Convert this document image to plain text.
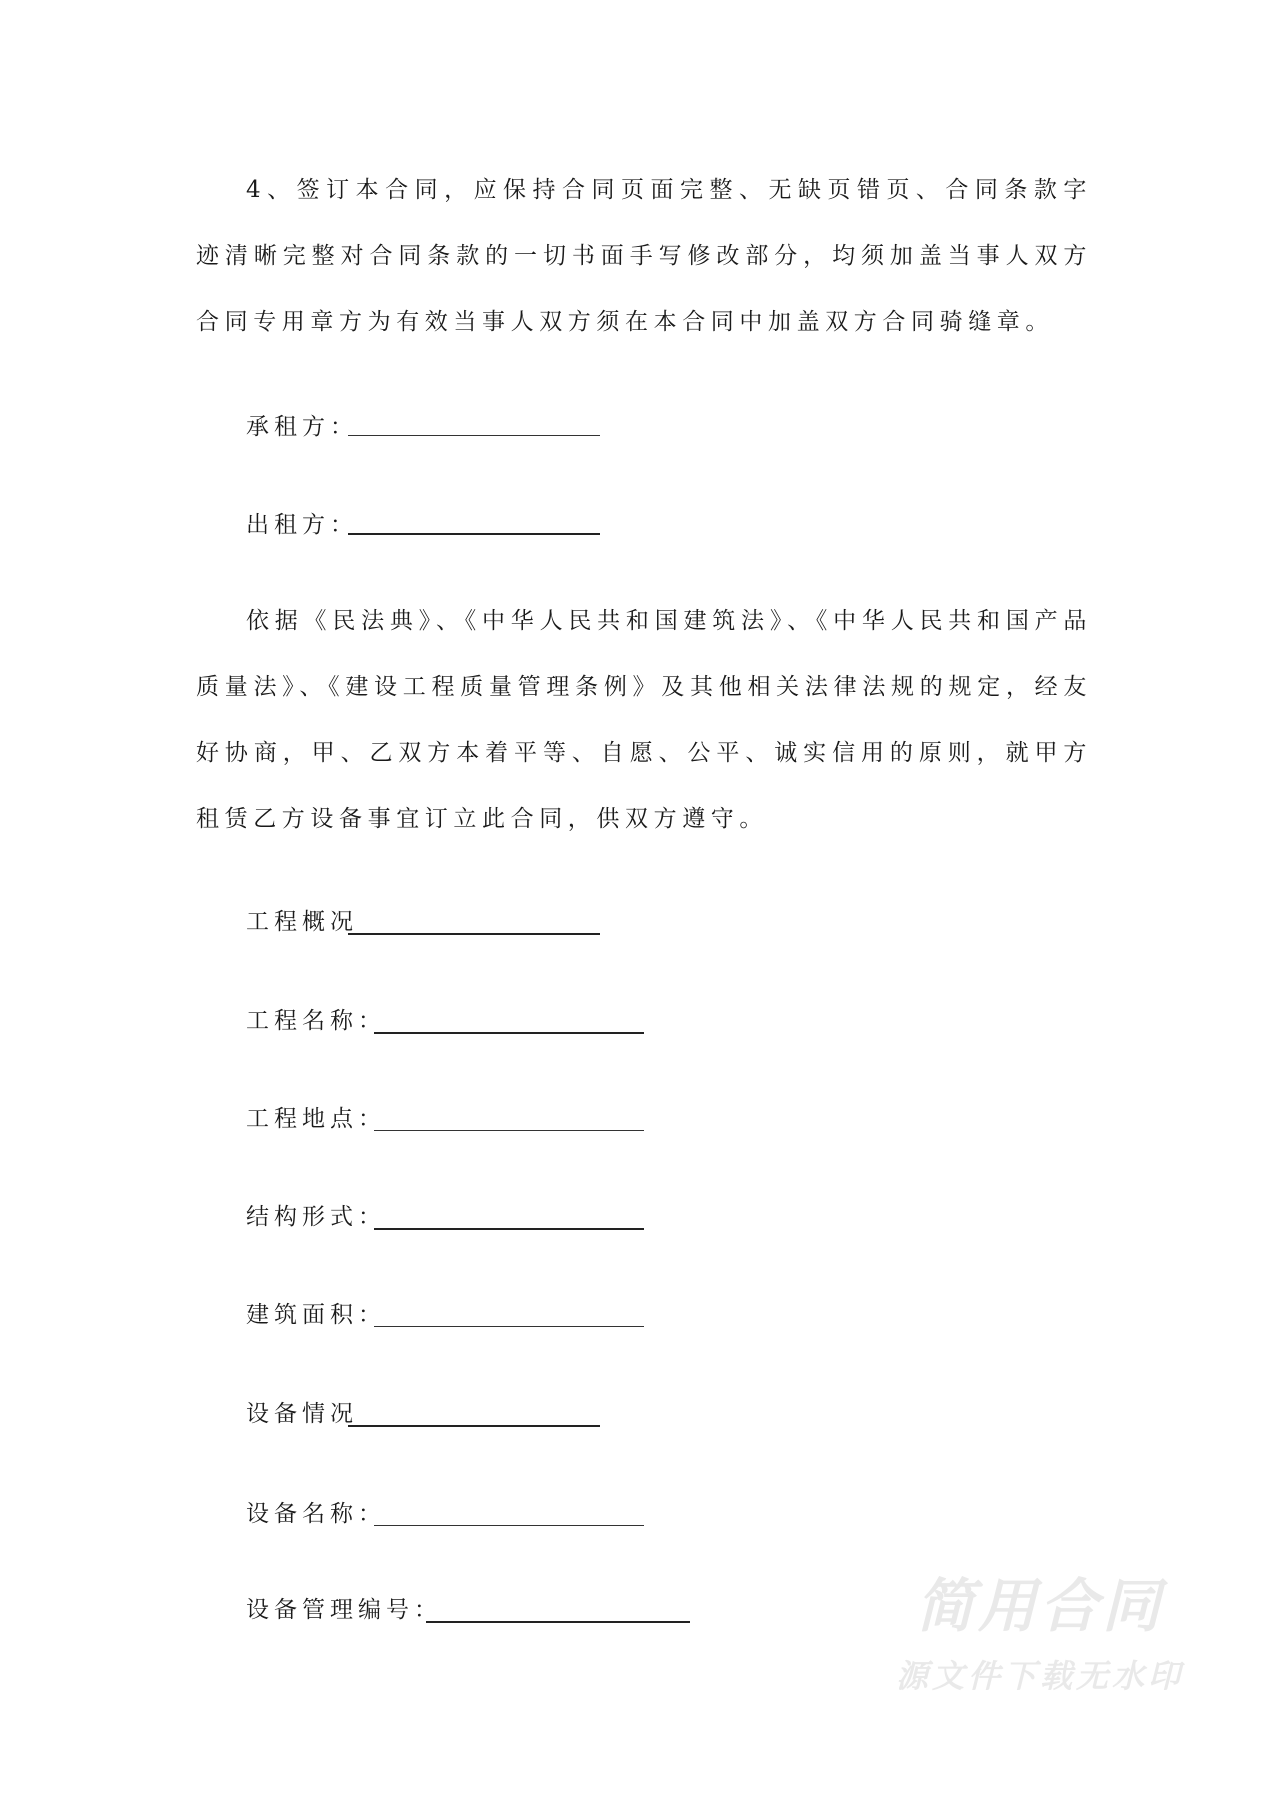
4、签订本合同，应保持合同页面完整、无缺页错页、合同条款字迹清晰完整对合同条款的一切书面手写修改部分，均须加盖当事人双方合同专用章方为有效当事人双方须在本合同中加盖双方合同骑缝章。
承租方：
出租方：
依据《民法典》、《中华人民共和国建筑法》、《中华人民共和国产品质量法》、《建设工程质量管理条例》及其他相关法律法规的规定，经友好协商，甲、乙双方本着平等、自愿、公平、诚实信用的原则，就甲方租赁乙方设备事宜订立此合同，供双方遵守。
工程概况
工程名称：
工程地点：
结构形式：
建筑面积：
设备情况
设备名称：
设备管理编号：	简用合同
源文件下载无水印
